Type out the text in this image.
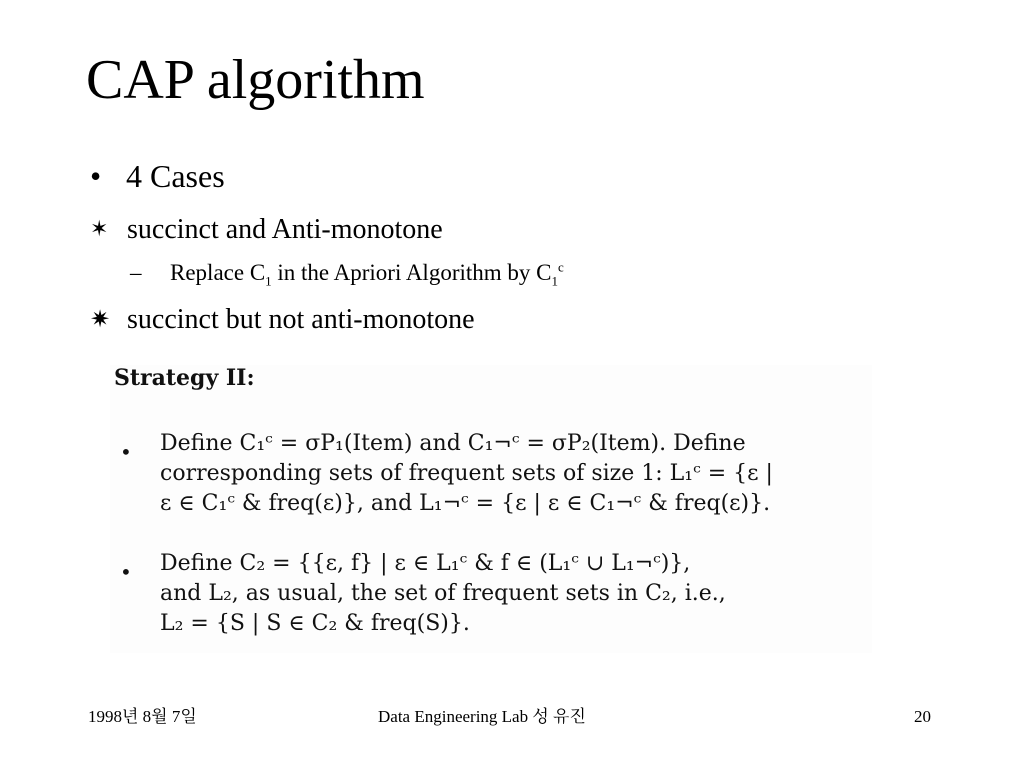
CAP algorithm
• 4 Cases
✶ succinct and Anti-monotone
– Replace $C_1$ in the Apriori Algorithm by $C_1^c$
✷ succinct but not anti-monotone
Strategy II:
• Define C₁ᶜ = σP₁(Item) and C₁¬ᶜ = σP₂(Item). Define
corresponding sets of frequent sets of size 1: L₁ᶜ = {ε |
ε ∈ C₁ᶜ & freq(ε)}, and L₁¬ᶜ = {ε | ε ∈ C₁¬ᶜ & freq(ε)}.
• Define C₂ = {{ε, f} | ε ∈ L₁ᶜ & f ∈ (L₁ᶜ ∪ L₁¬ᶜ)},
and L₂, as usual, the set of frequent sets in C₂, i.e.,
L₂ = {S | S ∈ C₂ & freq(S)}.
1998년 8월 7일	Data Engineering Lab 성 유진	20
